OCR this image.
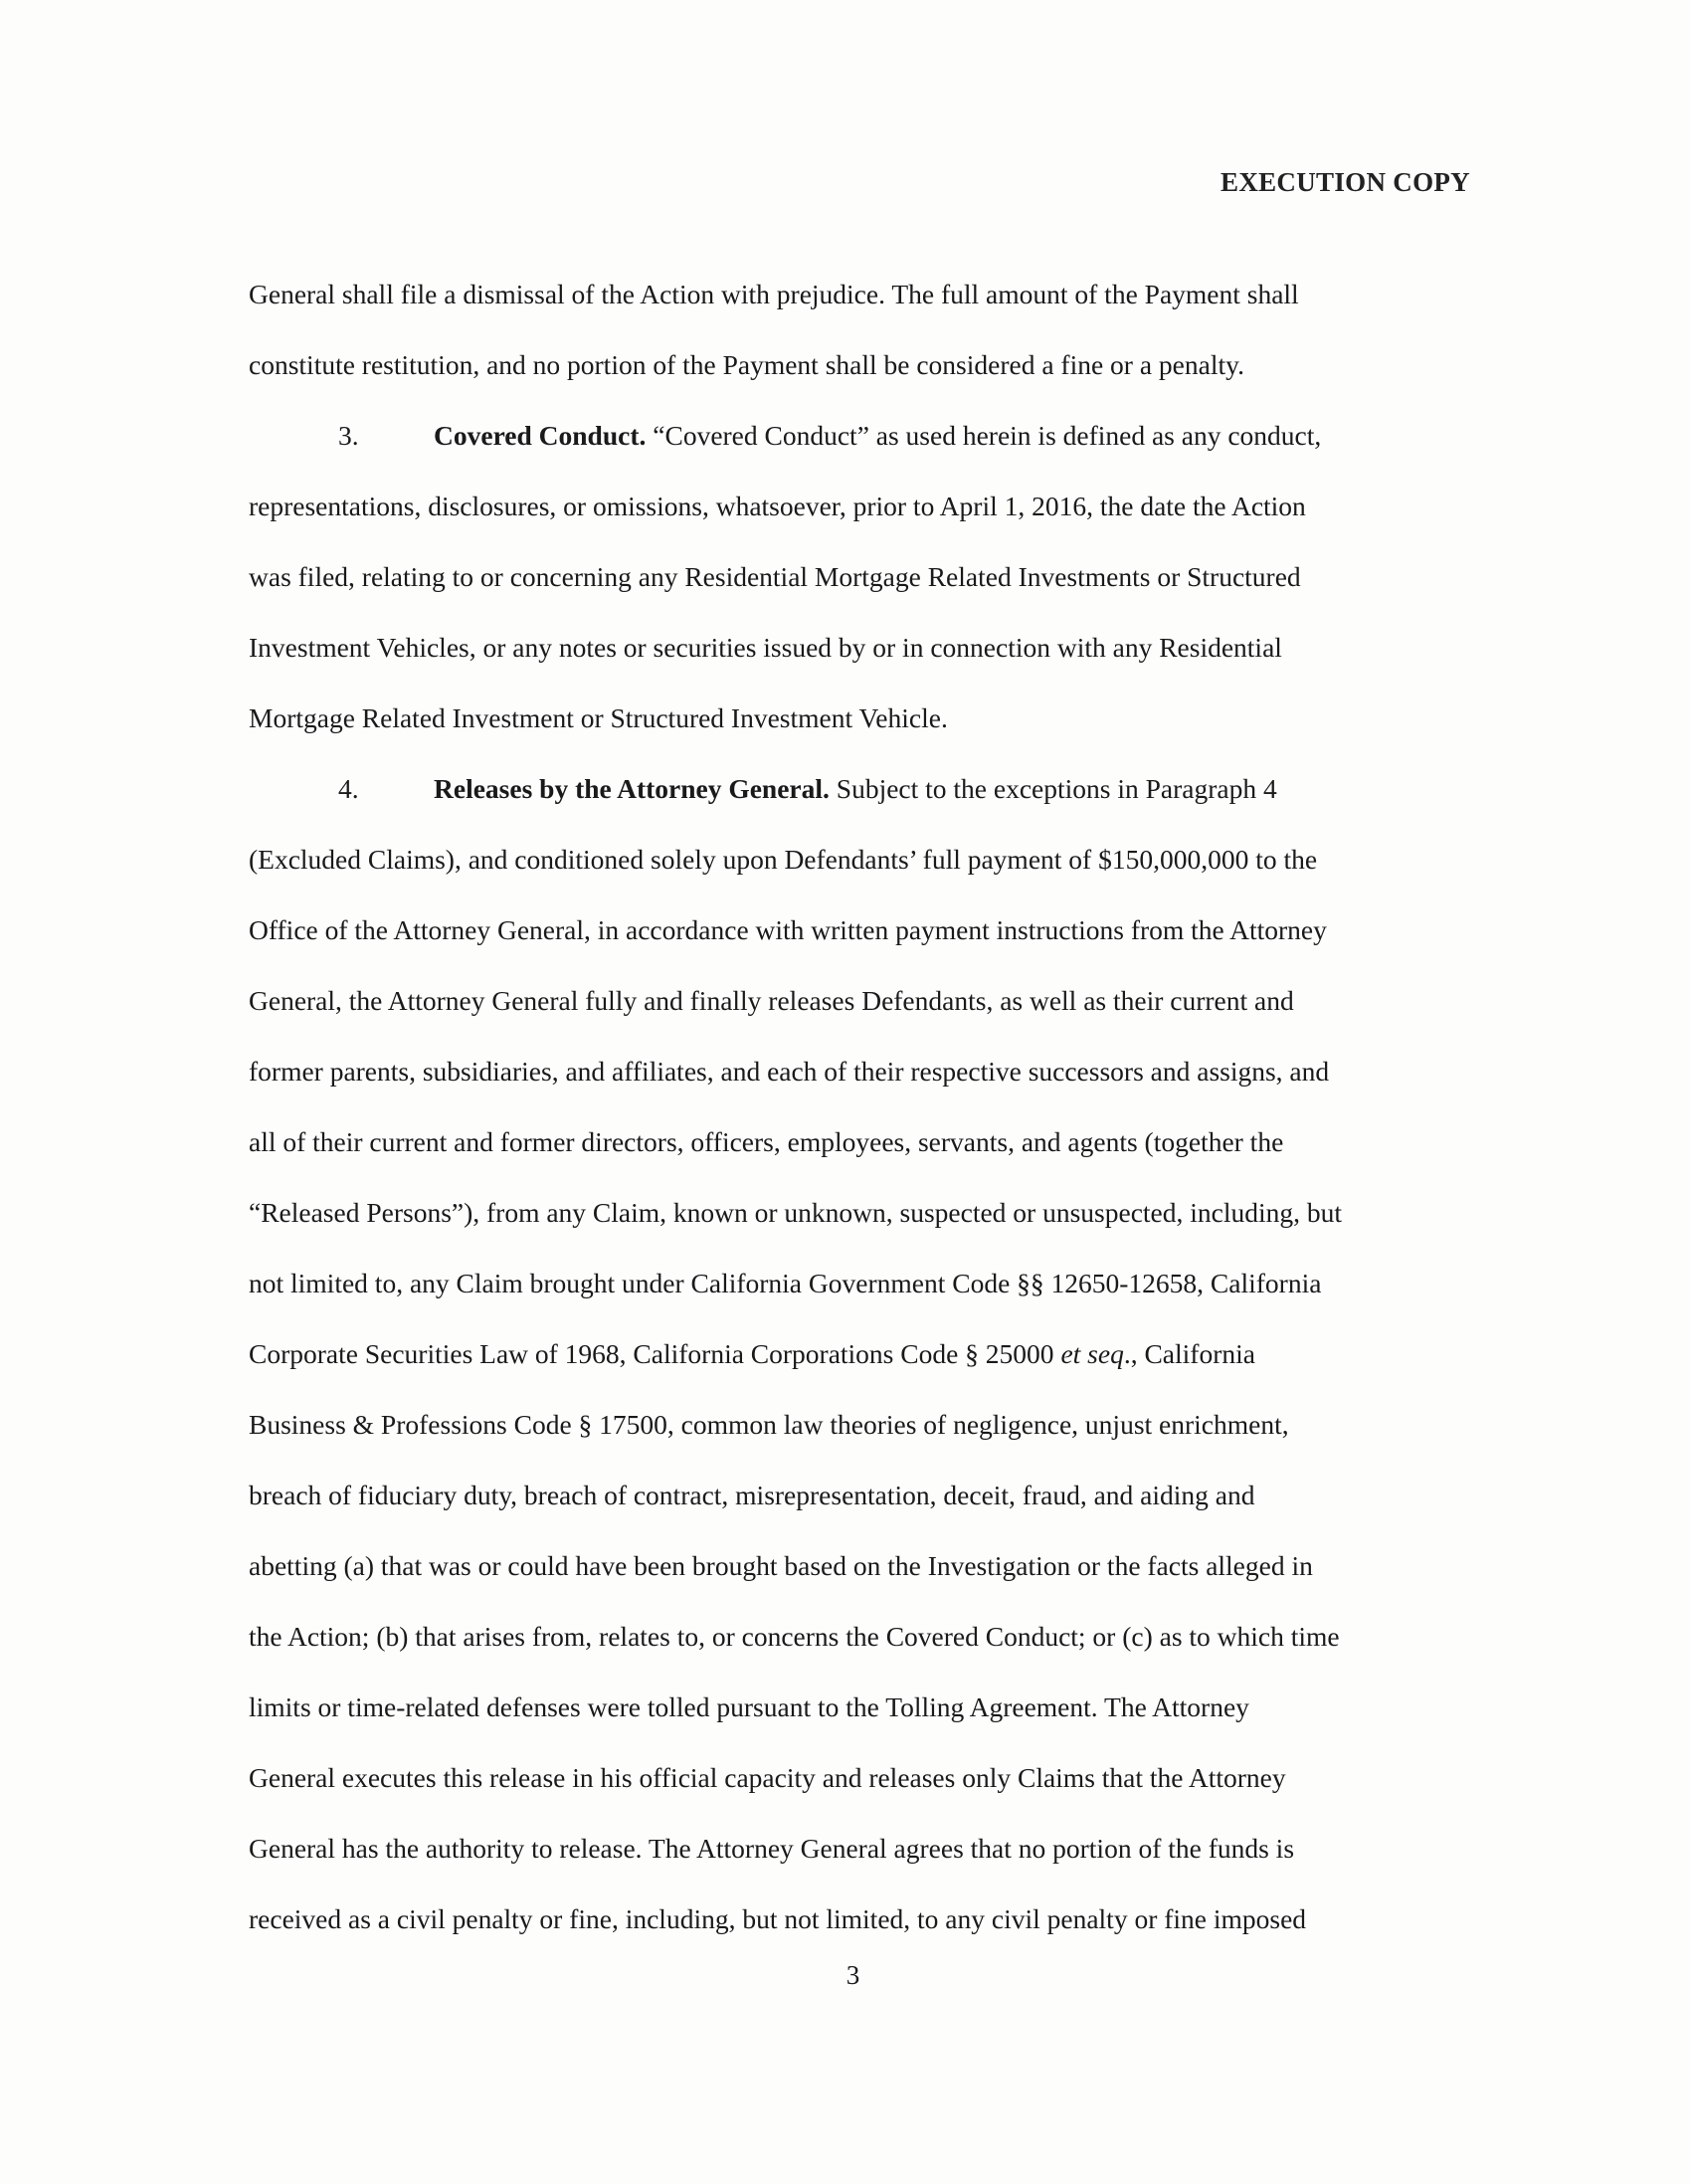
EXECUTION COPY
General shall file a dismissal of the Action with prejudice. The full amount of the Payment shall
constitute restitution, and no portion of the Payment shall be considered a fine or a penalty.
3.	Covered Conduct. “Covered Conduct” as used herein is defined as any conduct,
representations, disclosures, or omissions, whatsoever, prior to April 1, 2016, the date the Action
was filed, relating to or concerning any Residential Mortgage Related Investments or Structured
Investment Vehicles, or any notes or securities issued by or in connection with any Residential
Mortgage Related Investment or Structured Investment Vehicle.
4.	Releases by the Attorney General. Subject to the exceptions in Paragraph 4
(Excluded Claims), and conditioned solely upon Defendants’ full payment of $150,000,000 to the
Office of the Attorney General, in accordance with written payment instructions from the Attorney
General, the Attorney General fully and finally releases Defendants, as well as their current and
former parents, subsidiaries, and affiliates, and each of their respective successors and assigns, and
all of their current and former directors, officers, employees, servants, and agents (together the
“Released Persons”), from any Claim, known or unknown, suspected or unsuspected, including, but
not limited to, any Claim brought under California Government Code §§ 12650-12658, California
Corporate Securities Law of 1968, California Corporations Code § 25000 et seq., California
Business & Professions Code § 17500, common law theories of negligence, unjust enrichment,
breach of fiduciary duty, breach of contract, misrepresentation, deceit, fraud, and aiding and
abetting (a) that was or could have been brought based on the Investigation or the facts alleged in
the Action; (b) that arises from, relates to, or concerns the Covered Conduct; or (c) as to which time
limits or time-related defenses were tolled pursuant to the Tolling Agreement. The Attorney
General executes this release in his official capacity and releases only Claims that the Attorney
General has the authority to release. The Attorney General agrees that no portion of the funds is
received as a civil penalty or fine, including, but not limited, to any civil penalty or fine imposed
3
